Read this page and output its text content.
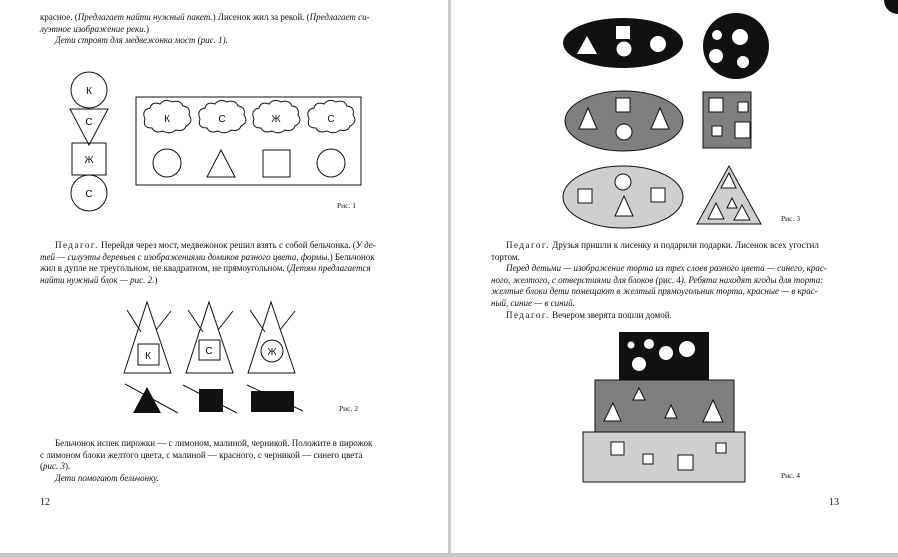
красное. (Предлагает найти нужный пакет.) Лисенок жил за рекой. (Предлагает си-

луэтное изображение реки.)

Дети строят для медвежонка мост (рис. 1).

К
С
Ж
С
К	С	Ж	С
Рис. 1

Педагог. Перейдя через мост, медвежонок решил взять с собой бельчонка. (У де-

тей — силуэты деревьев с изображениями домиков разного цвета, формы.) Бельчонок

жил в дупле не треугольном, не квадратном, не прямоугольном. (Детям предлагается

найти нужный блок — рис. 2.)

К	С	Ж
Рис. 2

Бельчонок испек пирожки — с лимоном, малиной, черникой. Положите в пирожок

с лимоном блоки желтого цвета, с малиной — красного, с черникой — синего цвета

(рис. 3).

Дети помогают бельчонку.

12
Рис. 3

Педагог. Друзья пришли к лисенку и подарили подарки. Лисенок всех угостил

тортом.

Перед детьми — изображение торта из трех слоев разного цвета — синего, крас-

ного, желтого, с отверстиями для блоков (рис. 4). Ребята находят ягоды для торта:

желтые блоки дети помещают в желтый прямоугольник торта, красные — в крас-

ный, синие — в синий.

Педагог. Вечером зверята пошли домой.

Рис. 4
13
